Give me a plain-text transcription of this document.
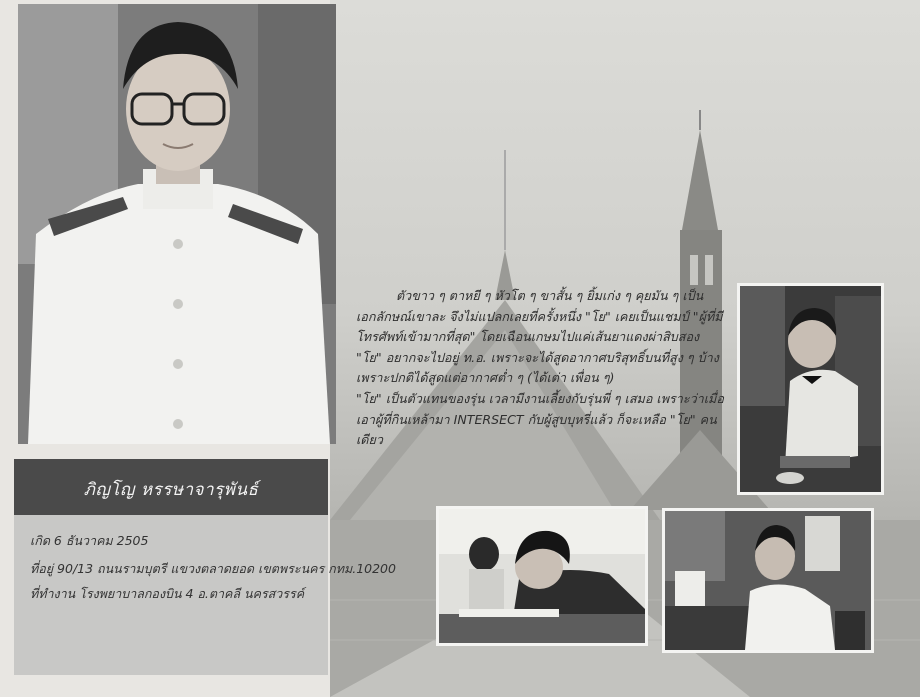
ภิญโญ หรรษาจารุพันธ์
เกิด 6 ธันวาคม 2505
ที่อยู่ 90/13 ถนนรามบุตรี แขวงตลาดยอด เขตพระนคร กทม.10200
ที่ทำงาน โรงพยาบาลกองบิน 4 อ.ตาคลี นครสวรรค์

ตัวขาว ๆ ตาหยี ๆ หัวโต ๆ ขาสั้น ๆ ยิ้มเก่ง ๆ คุยมัน ๆ เป็น

เอกลักษณ์เขาละ จึงไม่แปลกเลยที่ครั้งหนึ่ง "โย" เคยเป็นแชมป์ "ผู้ที่มี

โทรศัพท์เข้ามากที่สุด" โดยเฉือนเกษมไปแค่เส้นยาแดงผ่าสิบสอง

"โย" อยากจะไปอยู่ ท.อ. เพราะจะได้สูดอากาศบริสุทธิ์บนที่สูง ๆ บ้าง

เพราะปกติได้สูดแต่อากาศต่ำ ๆ (ได้เต่า เพื่อน ๆ)

"โย" เป็นตัวแทนของรุ่น เวลามีงานเลี้ยงกับรุ่นพี่ ๆ เสมอ เพราะว่าเมื่อ

เอาผู้ที่กินเหล้ามา INTERSECT กับผู้สูบบุหรี่แล้ว ก็จะเหลือ "โย" คน

เดียว
